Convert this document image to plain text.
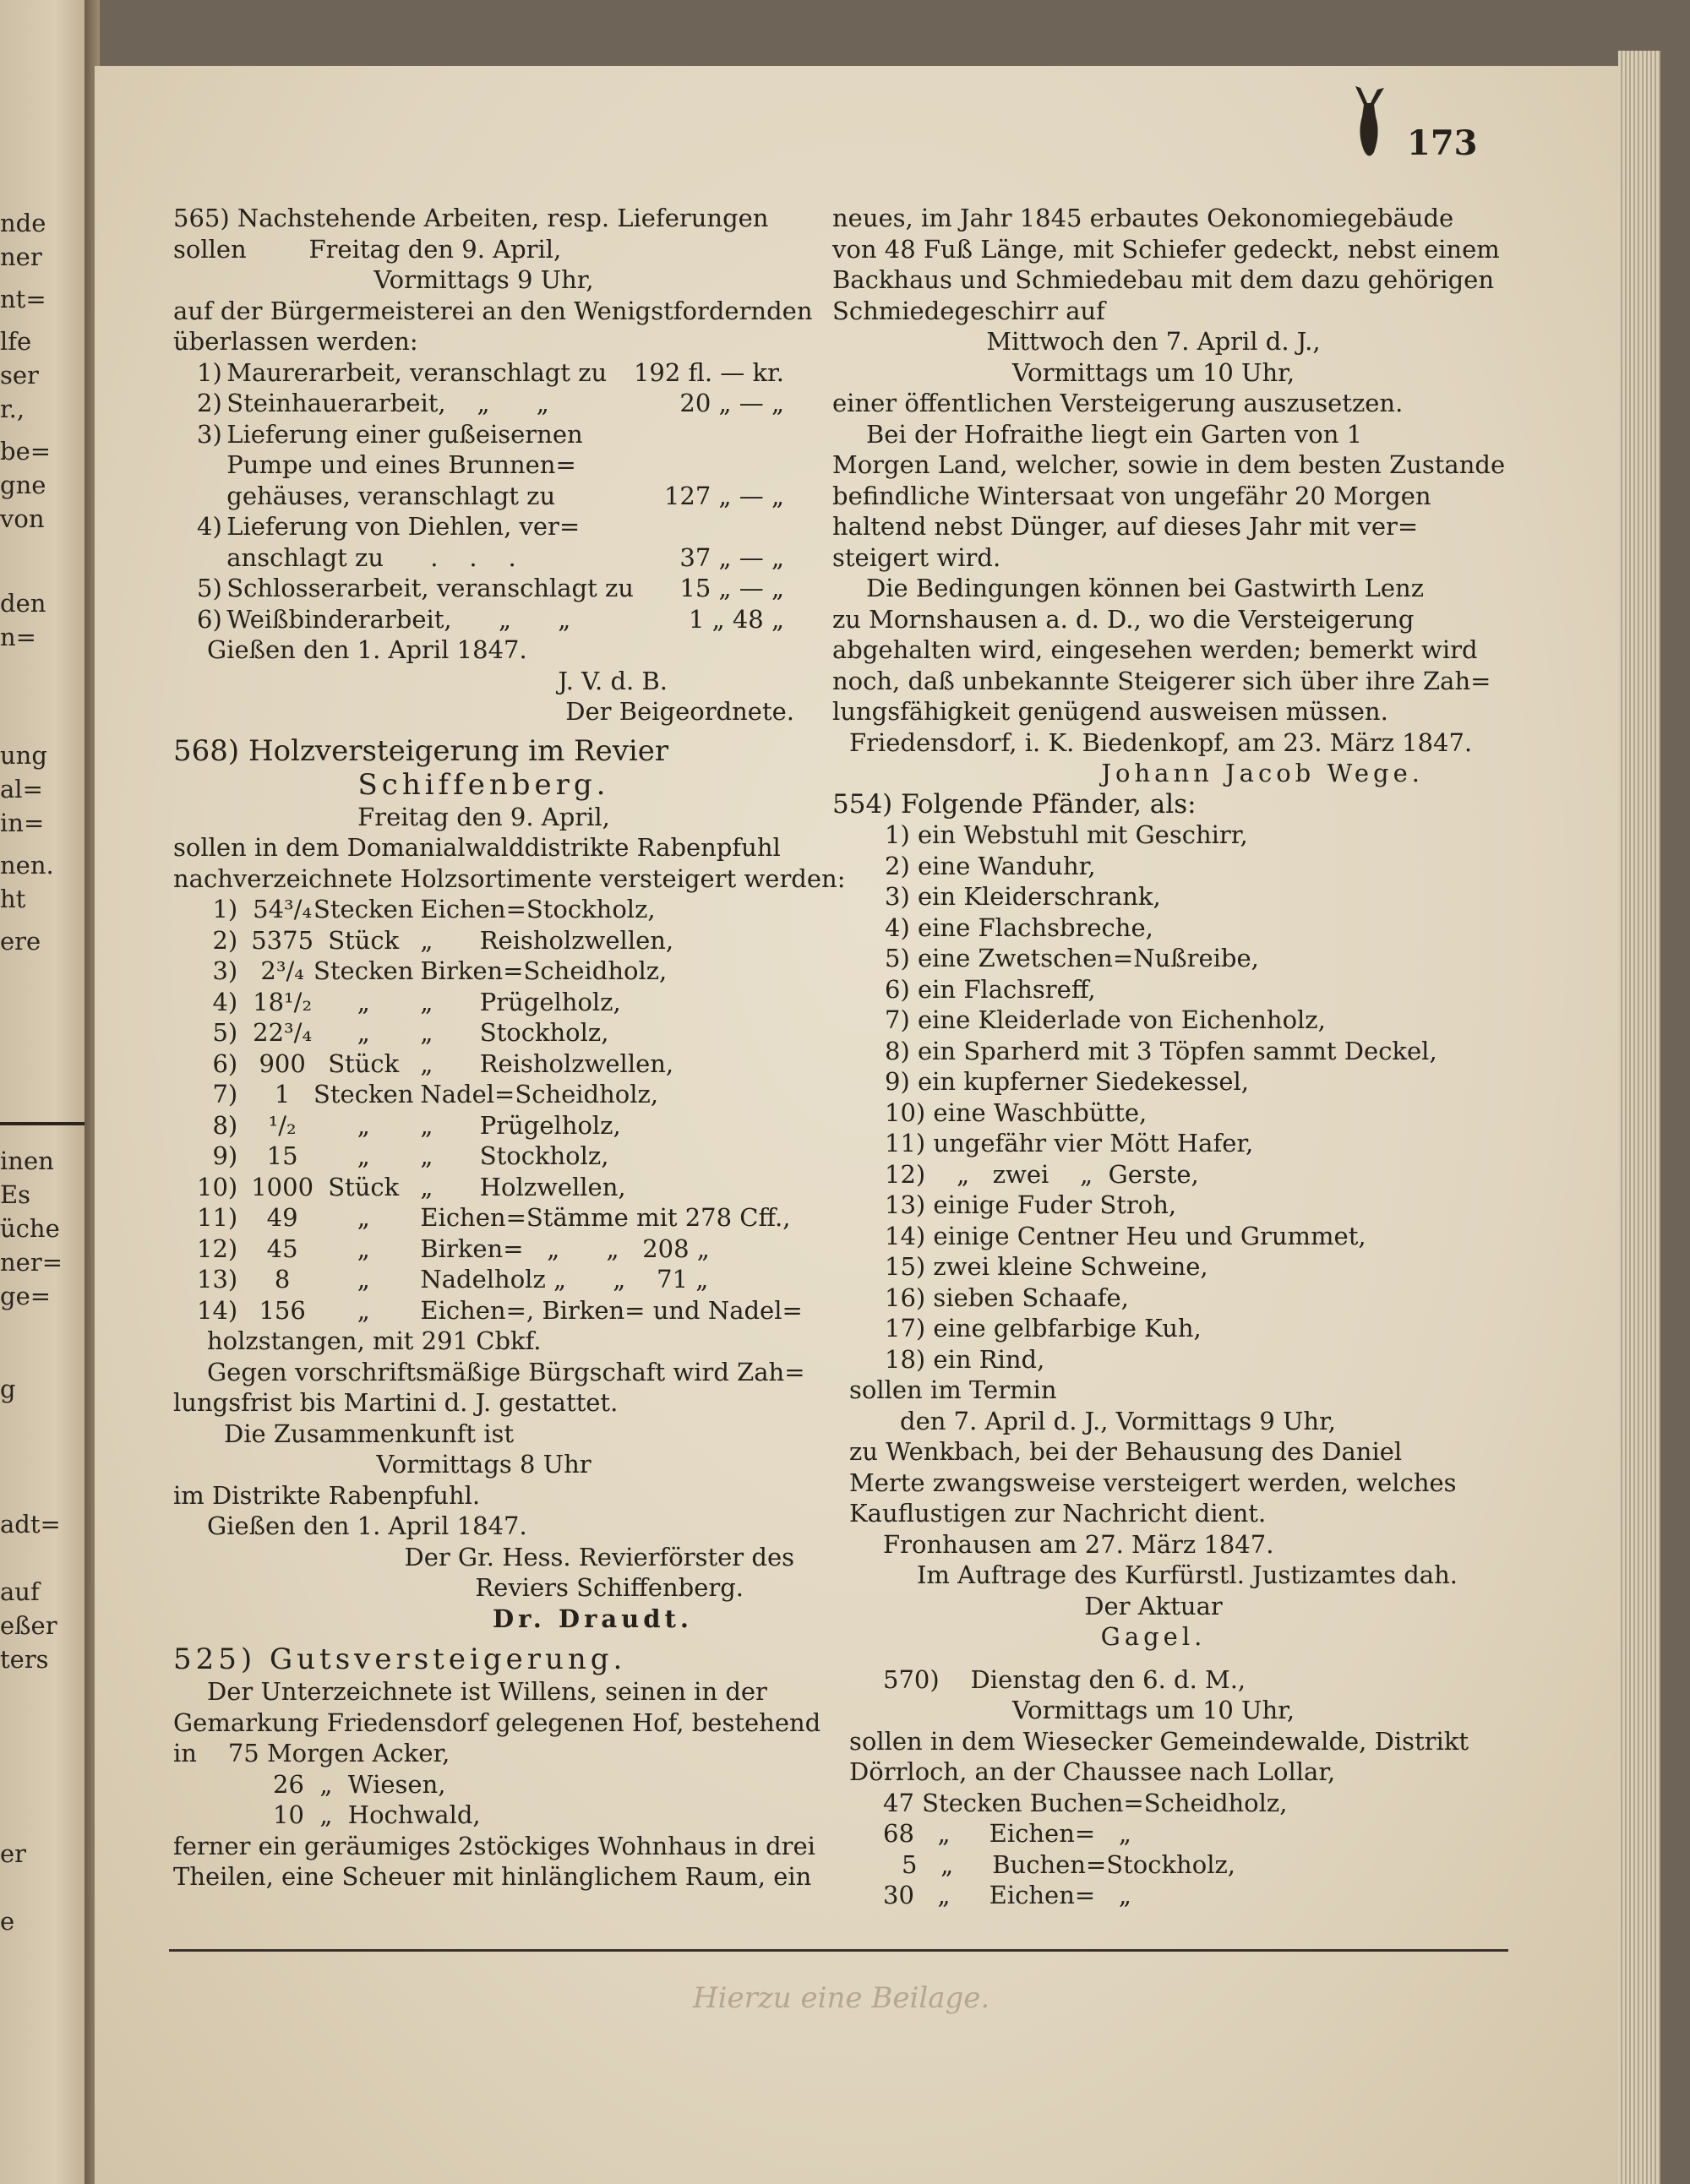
nde
ner
nt=
lfe
ser
r.,
be=
gne
von
den
n=
ung
al=
in=
nen.
ht
ere
inen
Es
üche
ner=
ge=
g
adt=
auf
eßer
ters
er
e
173
565) Nachstehende Arbeiten, resp. Lieferungen
sollen        Freitag den 9. April,
Vormittags 9 Uhr,
auf der Bürgermeisterei an den Wenigstfordernden
überlassen werden:
1)	Maurerarbeit, veranschlagt zu	192 fl. — kr.
2)	Steinhauerarbeit,    „      „	20 „ — „
3)	Lieferung einer gußeisernen	
	Pumpe und eines Brunnen=	
	gehäuses, veranschlagt zu	127 „ — „
4)	Lieferung von Diehlen, ver=	
	anschlagt zu      .    .    .	37 „ — „
5)	Schlosserarbeit, veranschlagt zu	15 „ — „
6)	Weißbinderarbeit,      „      „	1 „ 48 „
Gießen den 1. April 1847.
J. V. d. B.
Der Beigeordnete.
568) Holzversteigerung im Revier
Schiffenberg.
Freitag den 9. April,
sollen in dem Domanialwalddistrikte Rabenpfuhl
nachverzeichnete Holzsortimente versteigert werden:
1)	54³/₄	Stecken	Eichen=Stockholz,
2)	5375	Stück	„      Reisholzwellen,
3)	2³/₄	Stecken	Birken=Scheidholz,
4)	18¹/₂	„	„      Prügelholz,
5)	22³/₄	„	„      Stockholz,
6)	900	Stück	„      Reisholzwellen,
7)	1	Stecken	Nadel=Scheidholz,
8)	¹/₂	„	„      Prügelholz,
9)	15	„	„      Stockholz,
10)	1000	Stück	„      Holzwellen,
11)	49	„	Eichen=Stämme mit 278 Cff.,
12)	45	„	Birken=   „      „   208 „
13)	8	„	Nadelholz „      „    71 „
14)	156	„	Eichen=, Birken= und Nadel=
holzstangen, mit 291 Cbkf.
Gegen vorschriftsmäßige Bürgschaft wird Zah=
lungsfrist bis Martini d. J. gestattet.
Die Zusammenkunft ist
Vormittags 8 Uhr
im Distrikte Rabenpfuhl.
Gießen den 1. April 1847.
Der Gr. Hess. Revierförster des
Reviers Schiffenberg.
Dr. Draudt.
525) Gutsversteigerung.
Der Unterzeichnete ist Willens, seinen in der
Gemarkung Friedensdorf gelegenen Hof, bestehend
in    75 Morgen Acker,
26  „  Wiesen,
10  „  Hochwald,
ferner ein geräumiges 2stöckiges Wohnhaus in drei
Theilen, eine Scheuer mit hinlänglichem Raum, ein
neues, im Jahr 1845 erbautes Oekonomiegebäude
von 48 Fuß Länge, mit Schiefer gedeckt, nebst einem
Backhaus und Schmiedebau mit dem dazu gehörigen
Schmiedegeschirr auf
Mittwoch den 7. April d. J.,
Vormittags um 10 Uhr,
einer öffentlichen Versteigerung auszusetzen.
Bei der Hofraithe liegt ein Garten von 1
Morgen Land, welcher, sowie in dem besten Zustande
befindliche Wintersaat von ungefähr 20 Morgen
haltend nebst Dünger, auf dieses Jahr mit ver=
steigert wird.
Die Bedingungen können bei Gastwirth Lenz
zu Mornshausen a. d. D., wo die Versteigerung
abgehalten wird, eingesehen werden; bemerkt wird
noch, daß unbekannte Steigerer sich über ihre Zah=
lungsfähigkeit genügend ausweisen müssen.
Friedensdorf, i. K. Biedenkopf, am 23. März 1847.
Johann Jacob Wege.
554) Folgende Pfänder, als:
1) ein Webstuhl mit Geschirr,
2) eine Wanduhr,
3) ein Kleiderschrank,
4) eine Flachsbreche,
5) eine Zwetschen=Nußreibe,
6) ein Flachsreff,
7) eine Kleiderlade von Eichenholz,
8) ein Sparherd mit 3 Töpfen sammt Deckel,
9) ein kupferner Siedekessel,
10) eine Waschbütte,
11) ungefähr vier Mött Hafer,
12)    „   zwei    „  Gerste,
13) einige Fuder Stroh,
14) einige Centner Heu und Grummet,
15) zwei kleine Schweine,
16) sieben Schaafe,
17) eine gelbfarbige Kuh,
18) ein Rind,
sollen im Termin
den 7. April d. J., Vormittags 9 Uhr,
zu Wenkbach, bei der Behausung des Daniel
Merte zwangsweise versteigert werden, welches
Kauflustigen zur Nachricht dient.
Fronhausen am 27. März 1847.
Im Auftrage des Kurfürstl. Justizamtes dah.
Der Aktuar
Gagel.
570)    Dienstag den 6. d. M.,
Vormittags um 10 Uhr,
sollen in dem Wiesecker Gemeindewalde, Distrikt
Dörrloch, an der Chaussee nach Lollar,
47 Stecken Buchen=Scheidholz,
68   „     Eichen=   „
5   „     Buchen=Stockholz,
30   „     Eichen=   „
Hierzu eine Beilage.
